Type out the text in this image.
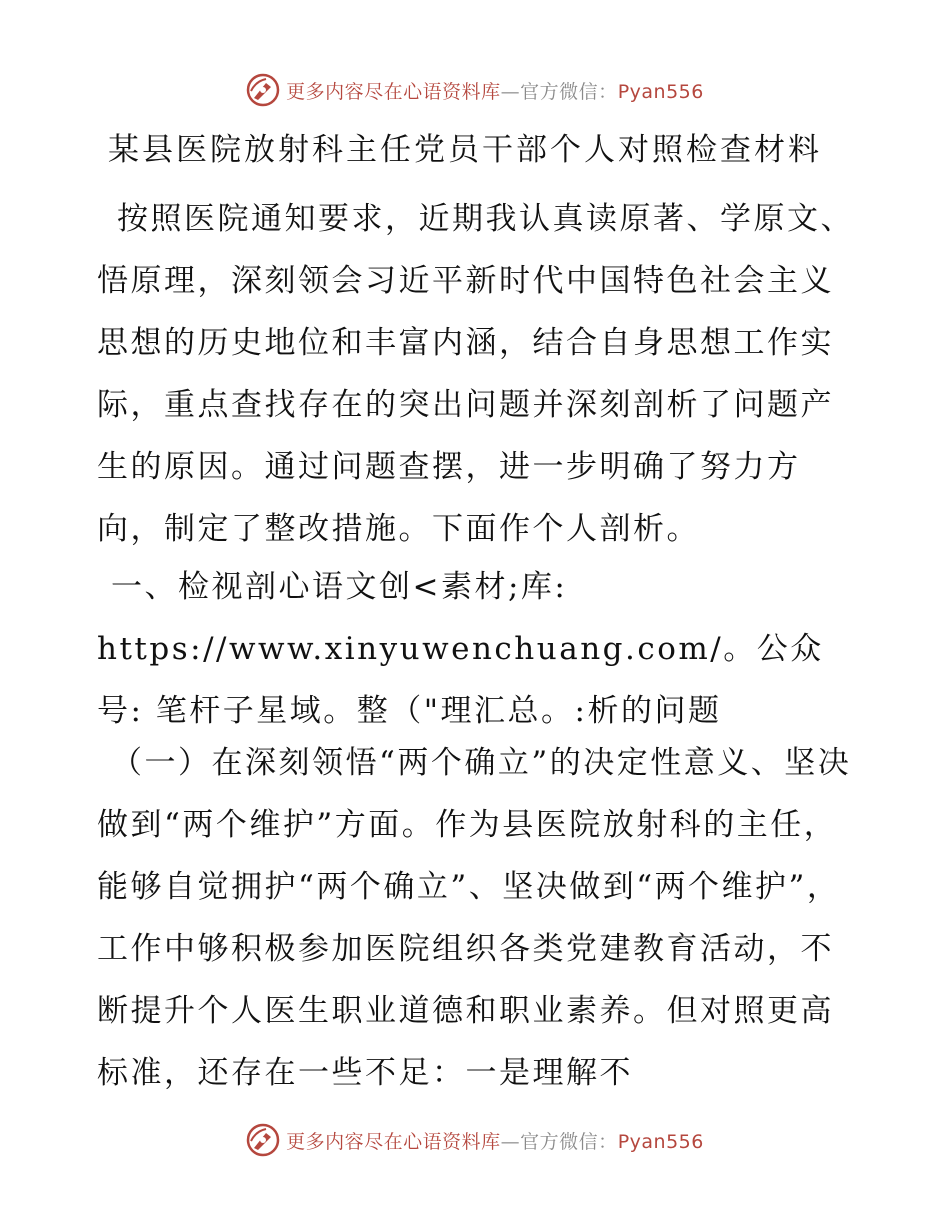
更多内容尽在心语资料库—官方微信：Pyan556
某县医院放射科主任党员干部个人对照检查材料

按照医院通知要求，近期我认真读原著、学原文、悟原理，深刻领会习近平新时代中国特色社会主义思想的历史地位和丰富内涵，结合自身思想工作实际，重点查找存在的突出问题并深刻剖析了问题产生的原因。通过问题查摆，进一步明确了努力方向，制定了整改措施。下面作个人剖析。

一、检视剖心语文创<素材;库: https://www.xinyuwenchuang.com/。公众号: 笔杆子星域。整（"理汇总。:析的问题

（一）在深刻领悟“两个确立”的决定性意义、坚决做到“两个维护”方面。作为县医院放射科的主任，能够自觉拥护“两个确立”、坚决做到“两个维护”，工作中够积极参加医院组织各类党建教育活动，不断提升个人医生职业道德和职业素养。但对照更高标准，还存在一些不足：一是理解不

更多内容尽在心语资料库—官方微信：Pyan556
